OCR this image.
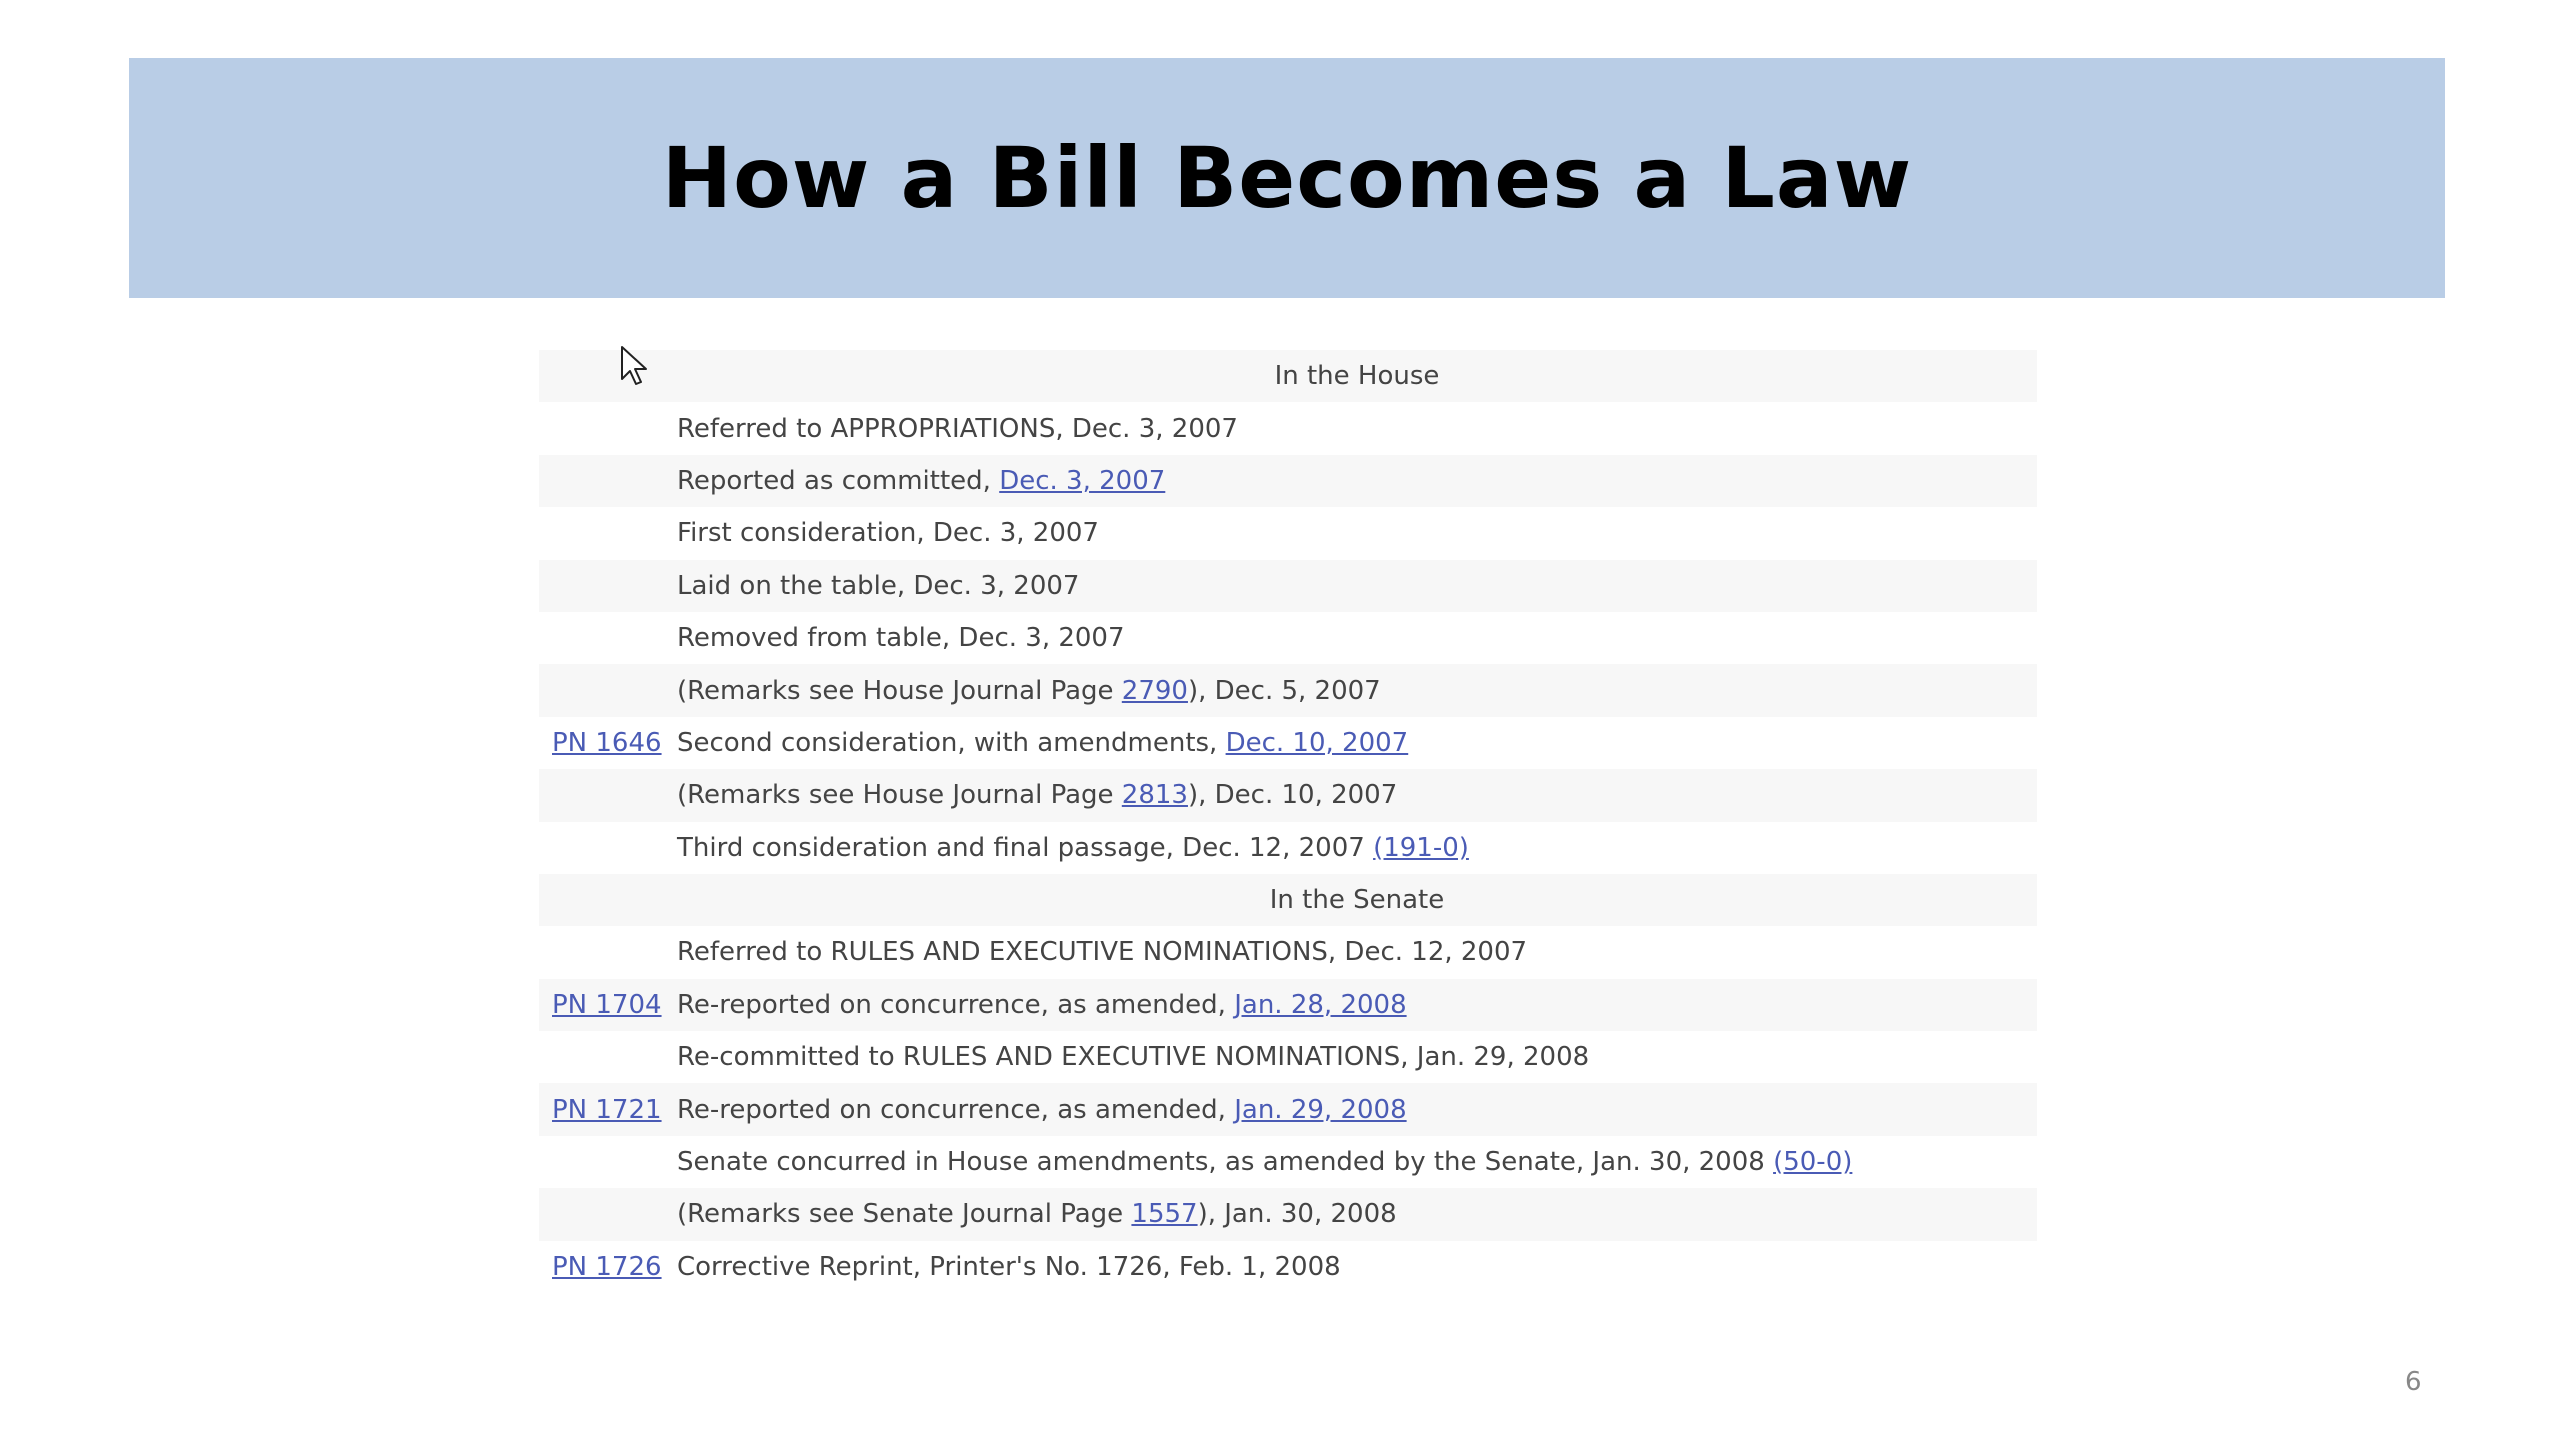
How a Bill Becomes a Law
In the House
Referred to APPROPRIATIONS, Dec. 3, 2007
Reported as committed, Dec. 3, 2007
First consideration, Dec. 3, 2007
Laid on the table, Dec. 3, 2007
Removed from table, Dec. 3, 2007
(Remarks see House Journal Page 2790), Dec. 5, 2007
PN 1646 Second consideration, with amendments, Dec. 10, 2007
(Remarks see House Journal Page 2813), Dec. 10, 2007
Third consideration and final passage, Dec. 12, 2007 (191-0)
In the Senate
Referred to RULES AND EXECUTIVE NOMINATIONS, Dec. 12, 2007
PN 1704 Re-reported on concurrence, as amended, Jan. 28, 2008
Re-committed to RULES AND EXECUTIVE NOMINATIONS, Jan. 29, 2008
PN 1721 Re-reported on concurrence, as amended, Jan. 29, 2008
Senate concurred in House amendments, as amended by the Senate, Jan. 30, 2008 (50-0)
(Remarks see Senate Journal Page 1557), Jan. 30, 2008
PN 1726 Corrective Reprint, Printer's No. 1726, Feb. 1, 2008
6
